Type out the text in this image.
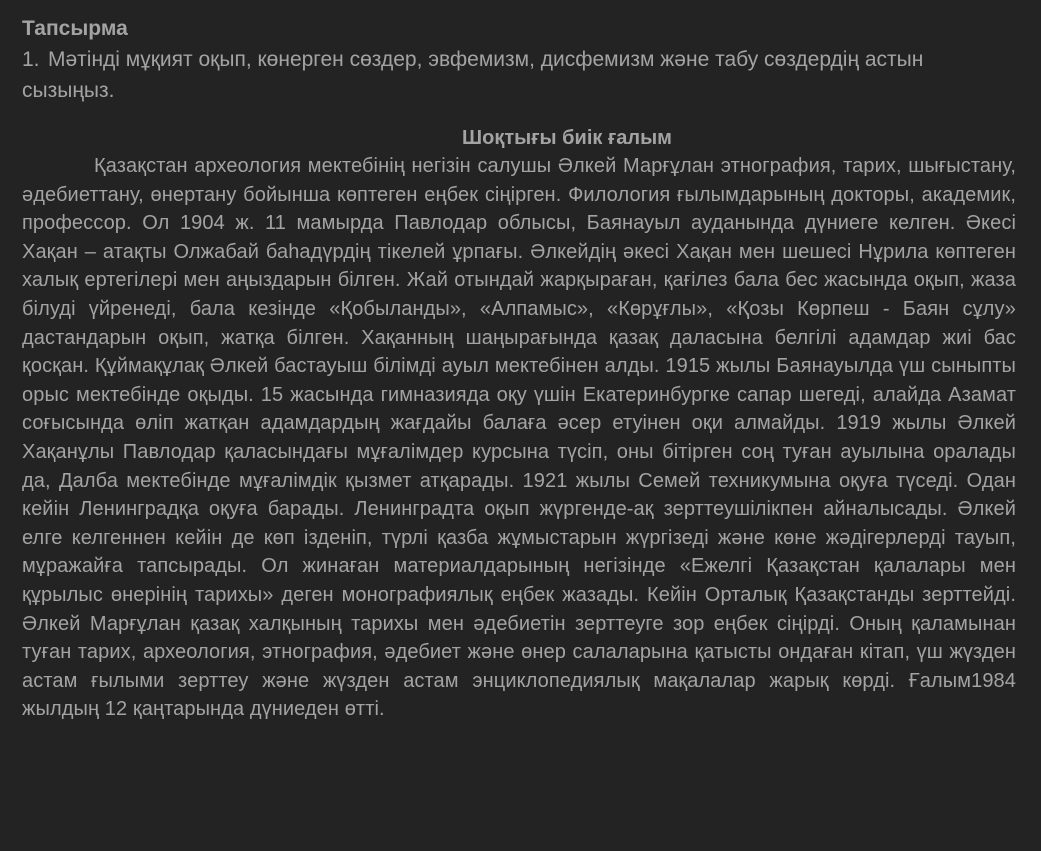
Тапсырма

1. Мәтінді мұқият оқып, көнерген сөздер, эвфемизм, дисфемизм және табу сөздердің астын сызыңыз.

Шоқтығы биік ғалым

Қазақстан археология мектебінің негізін салушы Әлкей Марғұлан этнография, тарих, шығыстану, әдебиеттану, өнертану бойынша көптеген еңбек сіңірген. Филология ғылымдарының докторы, академик, профессор. Ол 1904 ж. 11 мамырда Павлодар облысы, Баянауыл ауданында дүниеге келген. Әкесі Хақан – атақты Олжабай баһадүрдің тікелей ұрпағы. Әлкейдің әкесі Хақан мен шешесі Нұрила көптеген халық ертегілері мен аңыздарын білген. Жай отындай жарқыраған, қағілез бала бес жасында оқып, жаза білуді үйренеді, бала кезінде «Қобыланды», «Алпамыс», «Көрұғлы», «Қозы Көрпеш - Баян сұлу» дастандарын оқып, жатқа білген. Хақанның шаңырағында қазақ даласына белгілі адамдар жиі бас қосқан. Құймақұлақ Әлкей бастауыш білімді ауыл мектебінен алды. 1915 жылы Баянауылда үш сыныпты орыс мектебінде оқыды. 15 жасында гимназияда оқу үшін Екатеринбургке сапар шегеді, алайда Азамат соғысында өліп жатқан адамдардың жағдайы балаға әсер етуінен оқи алмайды. 1919 жылы Әлкей Хақанұлы Павлодар қаласындағы мұғалімдер курсына түсіп, оны бітірген соң туған ауылына оралады да, Далба мектебінде мұғалімдік қызмет атқарады. 1921 жылы Семей техникумына оқуға түседі. Одан кейін Ленинградқа оқуға барады. Ленинградта оқып жүргенде-ақ зерттеушілікпен айналысады. Әлкей елге келгеннен кейін де көп ізденіп, түрлі қазба жұмыстарын жүргізеді және көне жәдігерлерді тауып, мұражайға тапсырады. Ол жинаған материалдарының негізінде «Ежелгі Қазақстан қалалары мен құрылыс өнерінің тарихы» деген монографиялық еңбек жазады. Кейін Орталық Қазақстанды зерттейді. Әлкей Марғұлан қазақ халқының тарихы мен әдебиетін зерттеуге зор еңбек сіңірді. Оның қаламынан туған тарих, археология, этнография, әдебиет және өнер салаларына қатысты ондаған кітап, үш жүзден астам ғылыми зерттеу және жүзден астам энциклопедиялық мақалалар жарық көрді. Ғалым1984 жылдың 12 қаңтарында дүниеден өтті.
